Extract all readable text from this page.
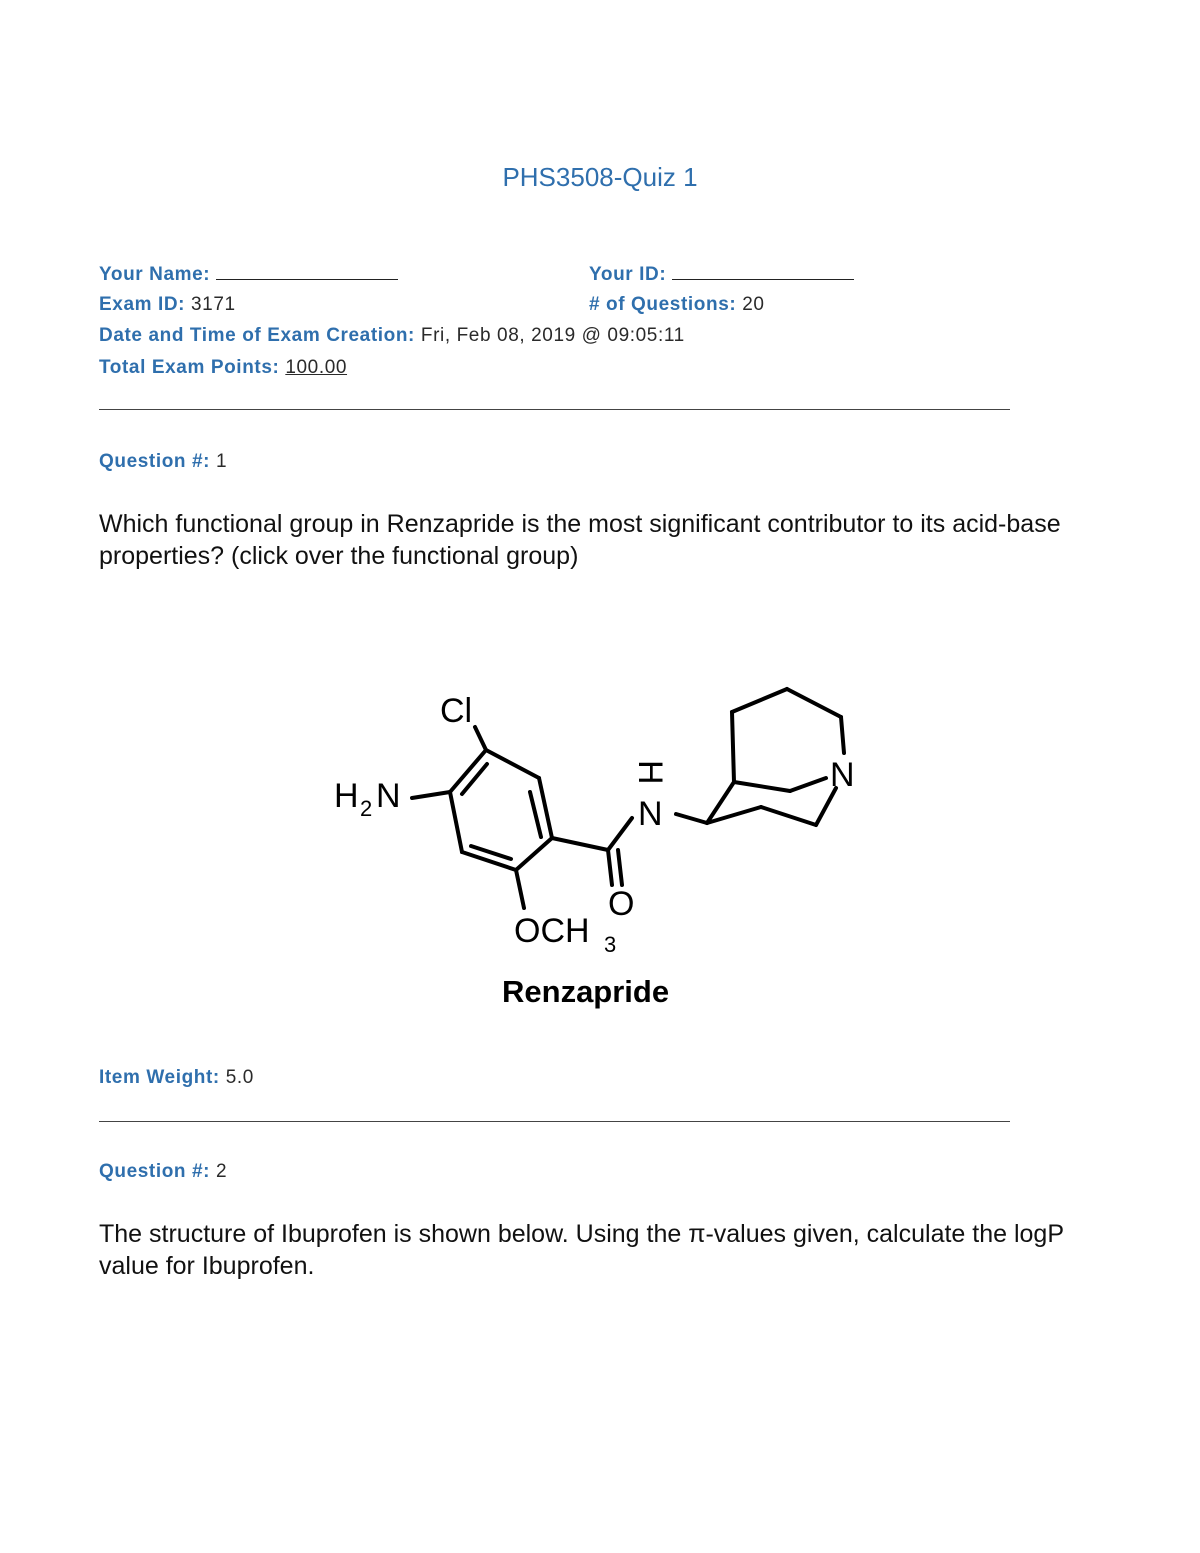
PHS3508-Quiz 1
Your Name:	Your ID:
Exam ID: 3171	# of Questions: 20
Date and Time of Exam Creation: Fri, Feb 08, 2019 @ 09:05:11
Total Exam Points: 100.00
Question #: 1
Which functional group in Renzapride is the most significant contributor to its acid-base properties? (click over the functional group)
Cl
H 2 N
H
N
N
O
OCH 3
Renzapride
Item Weight: 5.0
Question #: 2
The structure of Ibuprofen is shown below. Using the π-values given, calculate the logP value for Ibuprofen.
